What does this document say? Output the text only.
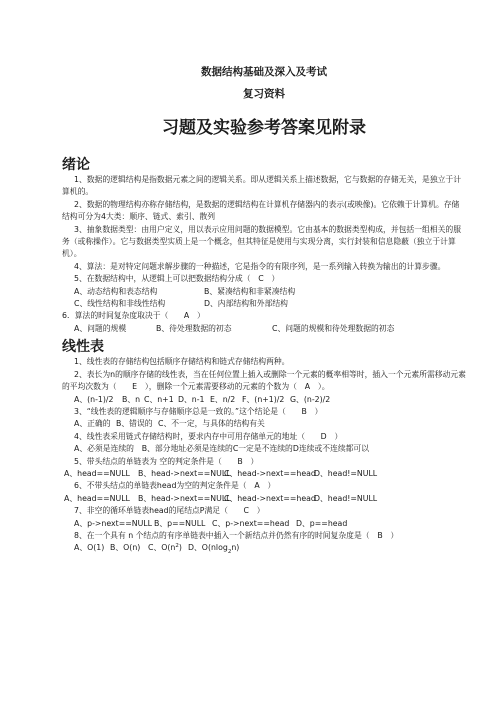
数据结构基础及深入及考试

复习资料

习题及实验参考答案见附录

绪论

1、数据的逻辑结构是指数据元素之间的逻辑关系。即从逻辑关系上描述数据，它与数据的存储无关，是独立于计算机的。

2、数据的物理结构亦称存储结构，是数据的逻辑结构在计算机存储器内的表示(或映像)。它依赖于计算机。存储结构可分为4大类：顺序、链式、索引、散列

3、抽象数据类型：由用户定义，用以表示应用问题的数据模型。它由基本的数据类型构成，并包括一组相关的服务（或称操作）。它与数据类型实质上是一个概念，但其特征是使用与实现分离，实行封装和信息隐蔽（独立于计算机）。

4、算法：是对特定问题求解步骤的一种描述，它是指令的有限序列，是一系列输入转换为输出的计算步骤。

5、在数据结构中，从逻辑上可以把数据结构分成（　C　）

A、动态结构和表态结构	B、紧凑结构和非紧凑结构

C、线性结构和非线性结构	D、内部结构和外部结构

6．算法的时间复杂度取决于（　　A　）

A、问题的规模	B、待处理数据的初态	C、问题的规模和待处理数据的初态

线性表

1、线性表的存储结构包括顺序存储结构和链式存储结构两种。

2、表长为n的顺序存储的线性表，当在任何位置上插入或删除一个元素的概率相等时，插入一个元素所需移动元素的平均次数为（　　E　），删除一个元素需要移动的元素的个数为（　A　）。

A、(n-1)/2 B、n C、n+1 D、n-1 E、n/2 F、(n+1)/2 G、(n-2)/2

3、“线性表的逻辑顺序与存储顺序总是一致的。”这个结论是（　　B　）

A、正确的 B、错误的 C、不一定，与具体的结构有关

4、线性表采用链式存储结构时，要求内存中可用存储单元的地址（　　D　）

A、必须是连续的　B、部分地址必须是连续的C一定是不连续的D连续或不连续都可以

5、带头结点的单链表为 空的判定条件是（　　B　）

A、head==NULL B、head->next==NULLC、head->next==headD、head!=NULL

6、不带头结点的单链表head为空的判定条件是（　A　）

A、head==NULL B、head->next==NULLC、head->next==headD、head!=NULL

7、非空的循环单链表head的尾结点P满足（　　C　）

A、p->next==NULL B、p==NULL C、p->next==head D、p==head

8、在一个具有 n 个结点的有序单链表中插入一个新结点并仍然有序的时间复杂度是（　B　）

A、O(1) B、O(n) C、O(n2) D、O(nlog2n)
